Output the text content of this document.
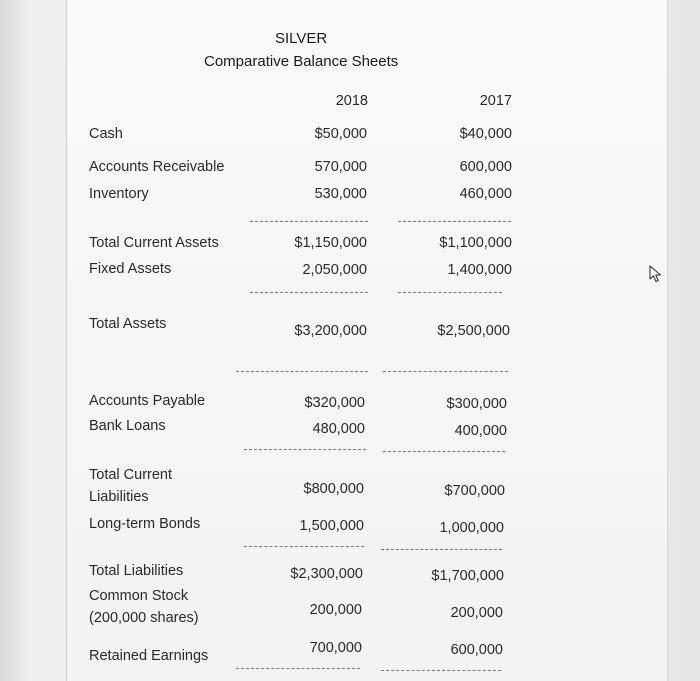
SILVER
Comparative Balance Sheets
2018	2017
Cash	$50,000	$40,000
Accounts Receivable	570,000	600,000
Inventory	530,000	460,000
Total Current Assets	$1,150,000	$1,100,000
Fixed Assets	2,050,000	1,400,000
Total Assets	$3,200,000	$2,500,000
Accounts Payable	$320,000	$300,000
Bank Loans	480,000	400,000
Total Current
Liabilities	$800,000	$700,000
Long-term Bonds	1,500,000	1,000,000
Total Liabilities	$2,300,000	$1,700,000
Common Stock
(200,000 shares)	200,000	200,000
Retained Earnings	700,000	600,000
